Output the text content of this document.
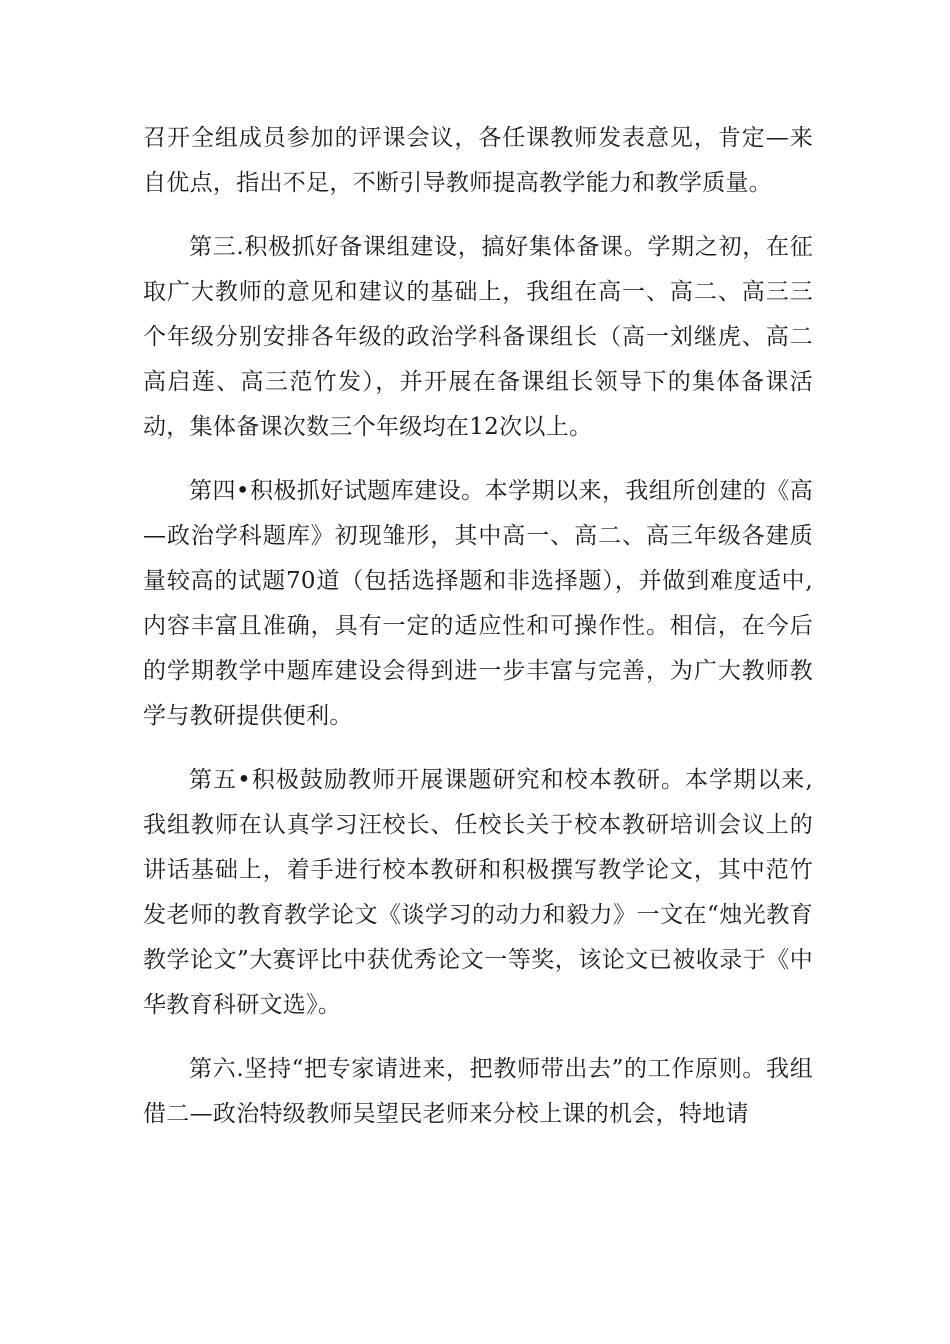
召开全组成员参加的评课会议，各任课教师发表意见，肯定—来自优点，指出不足，不断引导教师提高教学能力和教学质量。

第三.积极抓好备课组建设，搞好集体备课。学期之初，在征取广大教师的意见和建议的基础上，我组在高一、高二、高三三个年级分别安排各年级的政治学科备课组长（高一刘继虎、高二高启莲、高三范竹发），并开展在备课组长领导下的集体备课活动，集体备课次数三个年级均在12次以上。

第四•积极抓好试题库建设。本学期以来，我组所创建的《高—政治学科题库》初现雏形，其中高一、高二、高三年级各建质量较高的试题70道（包括选择题和非选择题），并做到难度适中,内容丰富且准确，具有一定的适应性和可操作性。相信，在今后的学期教学中题库建设会得到进一步丰富与完善，为广大教师教学与教研提供便利。

第五•积极鼓励教师开展课题研究和校本教研。本学期以来,我组教师在认真学习汪校长、任校长关于校本教研培训会议上的讲话基础上，着手进行校本教研和积极撰写教学论文，其中范竹发老师的教育教学论文《谈学习的动力和毅力》一文在“烛光教育教学论文”大赛评比中获优秀论文一等奖，该论文已被收录于《中华教育科研文选》。

第六.坚持“把专家请进来，把教师带出去”的工作原则。我组借二—政治特级教师吴望民老师来分校上课的机会，特地请
